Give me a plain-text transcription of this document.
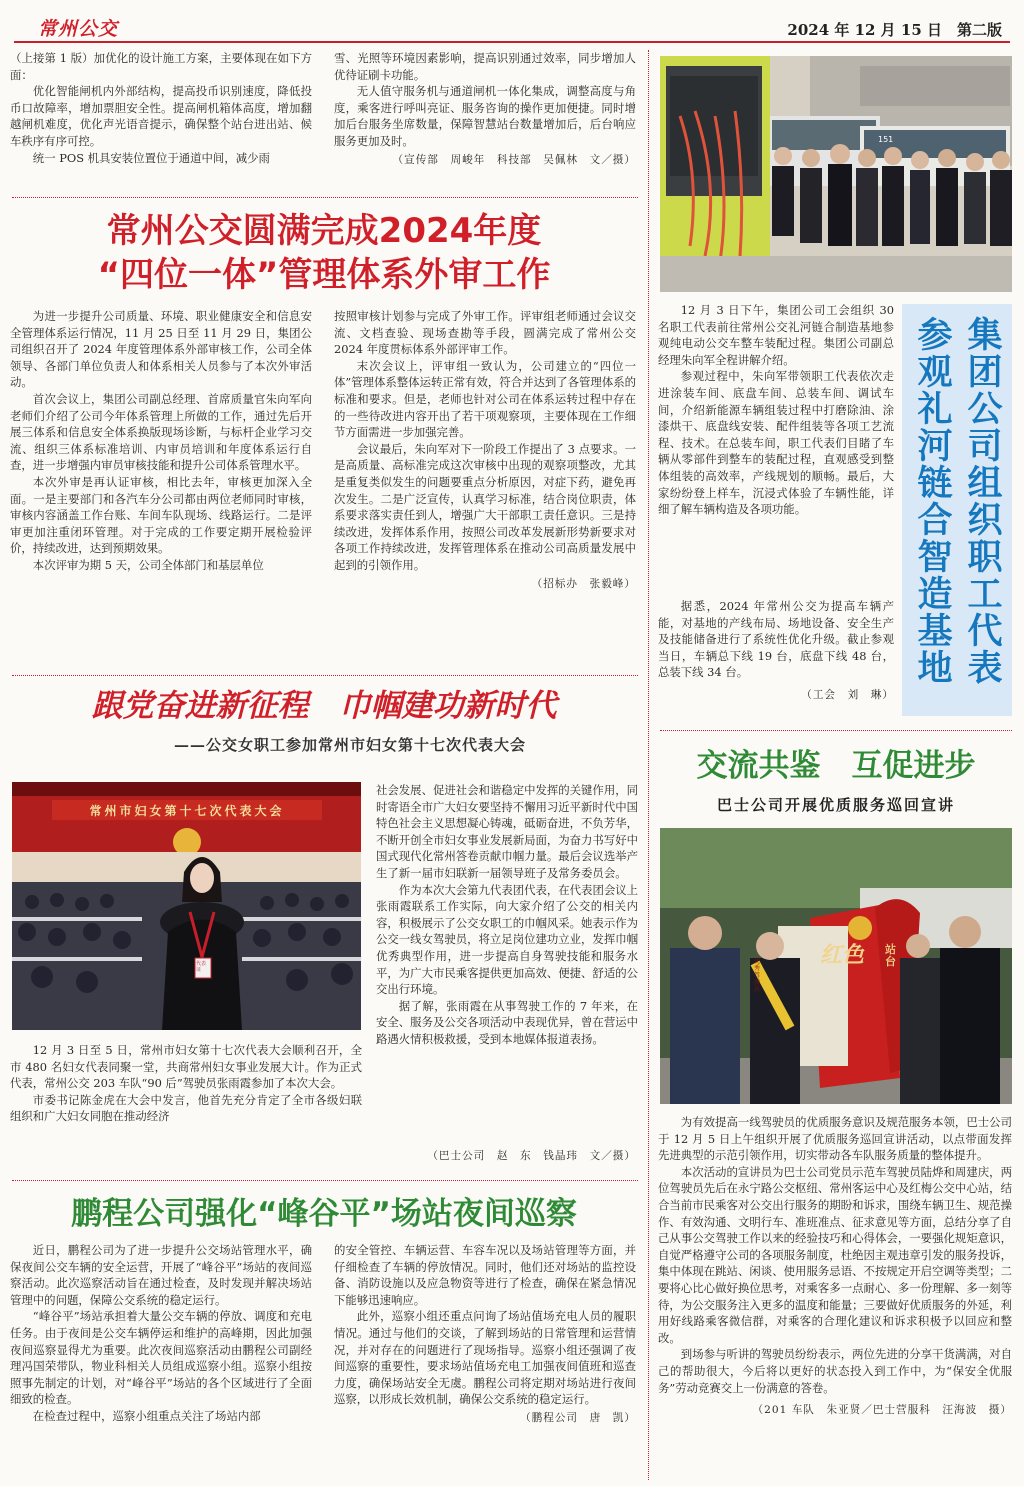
常州公交	2024 年 12 月 15 日　第二版

（上接第 1 版）加优化的设计施工方案，主要体现在如下方面：

优化智能闸机内外部结构，提高投币识别速度，降低投币口故障率，增加票胆安全性。提高闸机箱体高度，增加翻越闸机难度，优化声光语音提示，确保整个站台进出站、候车秩序有序可控。

统一 POS 机具安装位置位于通道中间，减少雨

雪、光照等环境因素影响，提高识别通过效率，同步增加人优待证刷卡功能。

无人值守服务机与通道闸机一体化集成，调整高度与角度，乘客进行呼叫亮证、服务咨询的操作更加便捷。同时增加后台服务坐席数量，保障智慧站台数量增加后，后台响应服务更加及时。

（宣传部　周峻年　科技部　吴佩林　文／摄）

常州公交圆满完成2024年度
“四位一体”管理体系外审工作

为进一步提升公司质量、环境、职业健康安全和信息安全管理体系运行情况，11 月 25 日至 11 月 29 日，集团公司组织召开了 2024 年度管理体系外部审核工作，公司全体领导、各部门单位负责人和体系相关人员参与了本次外审活动。

首次会议上，集团公司副总经理、首席质量官朱向军向老师们介绍了公司今年体系管理上所做的工作，通过先后开展三体系和信息安全体系换版现场诊断，与标杆企业学习交流、组织三体系标准培训、内审员培训和年度体系运行自查，进一步增强内审员审核技能和提升公司体系管理水平。

本次外审是再认证审核，相比去年，审核更加深入全面。一是主要部门和各汽车分公司都由两位老师同时审核，审核内容涵盖工作台账、车间车队现场、线路运行。二是评审更加注重闭环管理。对于完成的工作要定期开展检验评价，持续改进，达到预期效果。

本次评审为期 5 天，公司全体部门和基层单位

按照审核计划参与完成了外审工作。评审组老师通过会议交流、文档查验、现场查勘等手段，圆满完成了常州公交 2024 年度贯标体系外部评审工作。

末次会议上，评审组一致认为，公司建立的“四位一体”管理体系整体运转正常有效，符合并达到了各管理体系的标准和要求。但是，老师也针对公司在体系运转过程中存在的一些待改进内容开出了若干项观察项，主要体现在工作细节方面需进一步加强完善。

会议最后，朱向军对下一阶段工作提出了 3 点要求。一是高质量、高标准完成这次审核中出现的观察项整改，尤其是重复类似发生的问题要重点分析原因，对症下药，避免再次发生。二是广泛宣传，认真学习标准，结合岗位职责，体系要求落实责任到人，增强广大干部职工责任意识。三是持续改进，发挥体系作用，按照公司改革发展新形势新要求对各项工作持续改进，发挥管理体系在推动公司高质量发展中起到的引领作用。

（招标办　张毅峰）

跟党奋进新征程　巾帼建功新时代
——公交女职工参加常州市妇女第十七次代表大会
常州市妇女第十七次代表大会
代表证

12 月 3 日至 5 日，常州市妇女第十七次代表大会顺利召开，全市 480 名妇女代表同聚一堂，共商常州妇女事业发展大计。作为正式代表，常州公交 203 车队“90 后”驾驶员张雨霞参加了本次大会。

市委书记陈金虎在大会中发言，他首先充分肯定了全市各级妇联组织和广大妇女同胞在推动经济

社会发展、促进社会和谐稳定中发挥的关键作用，同时寄语全市广大妇女要坚持不懈用习近平新时代中国特色社会主义思想凝心铸魂，砥砺奋进，不负芳华，不断开创全市妇女事业发展新局面，为奋力书写好中国式现代化常州答卷贡献巾帼力量。最后会议选举产生了新一届市妇联新一届领导班子及常务委员会。

作为本次大会第九代表团代表，在代表团会议上张雨霞联系工作实际，向大家介绍了公交的相关内容，积极展示了公交女职工的巾帼风采。她表示作为公交一线女驾驶员，将立足岗位建功立业，发挥巾帼优秀典型作用，进一步提高自身驾驶技能和服务水平，为广大市民乘客提供更加高效、便捷、舒适的公交出行环境。

据了解，张雨霞在从事驾驶工作的 7 年来，在安全、服务及公交各项活动中表现优异，曾在营运中路遇火情积极救援，受到本地媒体报道表扬。

（巴士公司　赵　东　钱晶玮　文／摄）
鹏程公司强化“峰谷平”场站夜间巡察

近日，鹏程公司为了进一步提升公交场站管理水平，确保夜间公交车辆的安全运营，开展了“峰谷平”场站的夜间巡察活动。此次巡察活动旨在通过检查，及时发现并解决场站管理中的问题，保障公交系统的稳定运行。

“峰谷平”场站承担着大量公交车辆的停放、调度和充电任务。由于夜间是公交车辆停运和维护的高峰期，因此加强夜间巡察显得尤为重要。此次夜间巡察活动由鹏程公司副经理冯国荣带队，物业科相关人员组成巡察小组。巡察小组按照事先制定的计划，对“峰谷平”场站的各个区域进行了全面细致的检查。

在检查过程中，巡察小组重点关注了场站内部

的安全管控、车辆运营、车容车况以及场站管理等方面，并仔细检查了车辆的停放情况。同时，他们还对场站的监控设备、消防设施以及应急物资等进行了检查，确保在紧急情况下能够迅速响应。

此外，巡察小组还重点问询了场站值场充电人员的履职情况。通过与他们的交谈，了解到场站的日常管理和运营情况，并对存在的问题进行了现场指导。巡察小组还强调了夜间巡察的重要性，要求场站值场充电工加强夜间值班和巡查力度，确保场站安全无虞。鹏程公司将定期对场站进行夜间巡察，以形成长效机制，确保公交系统的稳定运行。

（鹏程公司　唐　凯）

151

12 月 3 日下午，集团公司工会组织 30 名职工代表前往常州公交礼河链合制造基地参观纯电动公交车整车装配过程。集团公司副总经理朱向军全程讲解介绍。

参观过程中，朱向军带领职工代表依次走进涂装车间、底盘车间、总装车间、调试车间，介绍新能源车辆组装过程中打磨除油、涂漆烘干、底盘线安装、配件组装等各项工艺流程、技术。在总装车间，职工代表们目睹了车辆从零部件到整车的装配过程，直观感受到整体组装的高效率，产线规划的顺畅。最后，大家纷纷登上样车，沉浸式体验了车辆性能，详细了解车辆构造及各项功能。	集团公司组织职工代表
参观礼河链合智造基地

据悉，2024 年常州公交为提高车辆产能，对基地的产线布局、场地设备、安全生产及技能储备进行了系统性优化升级。截止参观当日，车辆总下线 19 台，底盘下线 48 台，总装下线 34 台。

（工会　刘　琳）

交流共鉴　互促进步
巴士公司开展优质服务巡回宣讲
红色 站台
优秀驾驶员

为有效提高一线驾驶员的优质服务意识及规范服务本领，巴士公司于 12 月 5 日上午组织开展了优质服务巡回宣讲活动，以点带面发挥先进典型的示范引领作用，切实带动各车队服务质量的整体提升。

本次活动的宣讲员为巴士公司党员示范车驾驶员陆烨和周建庆，两位驾驶员先后在永宁路公交枢纽、常州客运中心及红梅公交中心站，结合当前市民乘客对公交出行服务的期盼和诉求，围绕车辆卫生、规范操作、有效沟通、文明行车、准班准点、征求意见等方面，总结分享了自己从事公交驾驶工作以来的经验技巧和心得体会，一要强化规矩意识，自觉严格遵守公司的各项服务制度，杜绝因主观违章引发的服务投诉，集中体现在跳站、闲谈、使用服务忌语、不按规定开启空调等类型；二要将心比心做好换位思考，对乘客多一点耐心、多一份理解、多一刻等待，为公交服务注入更多的温度和能量；三要做好优质服务的外延，利用好线路乘客微信群，对乘客的合理化建议和诉求积极予以回应和整改。

到场参与听讲的驾驶员纷纷表示，两位先进的分享干货满满，对自己的帮助很大，今后将以更好的状态投入到工作中，为“保安全优服务”劳动竞赛交上一份满意的答卷。

（201 车队　朱亚贤／巴士营服科　汪海波　摄）
